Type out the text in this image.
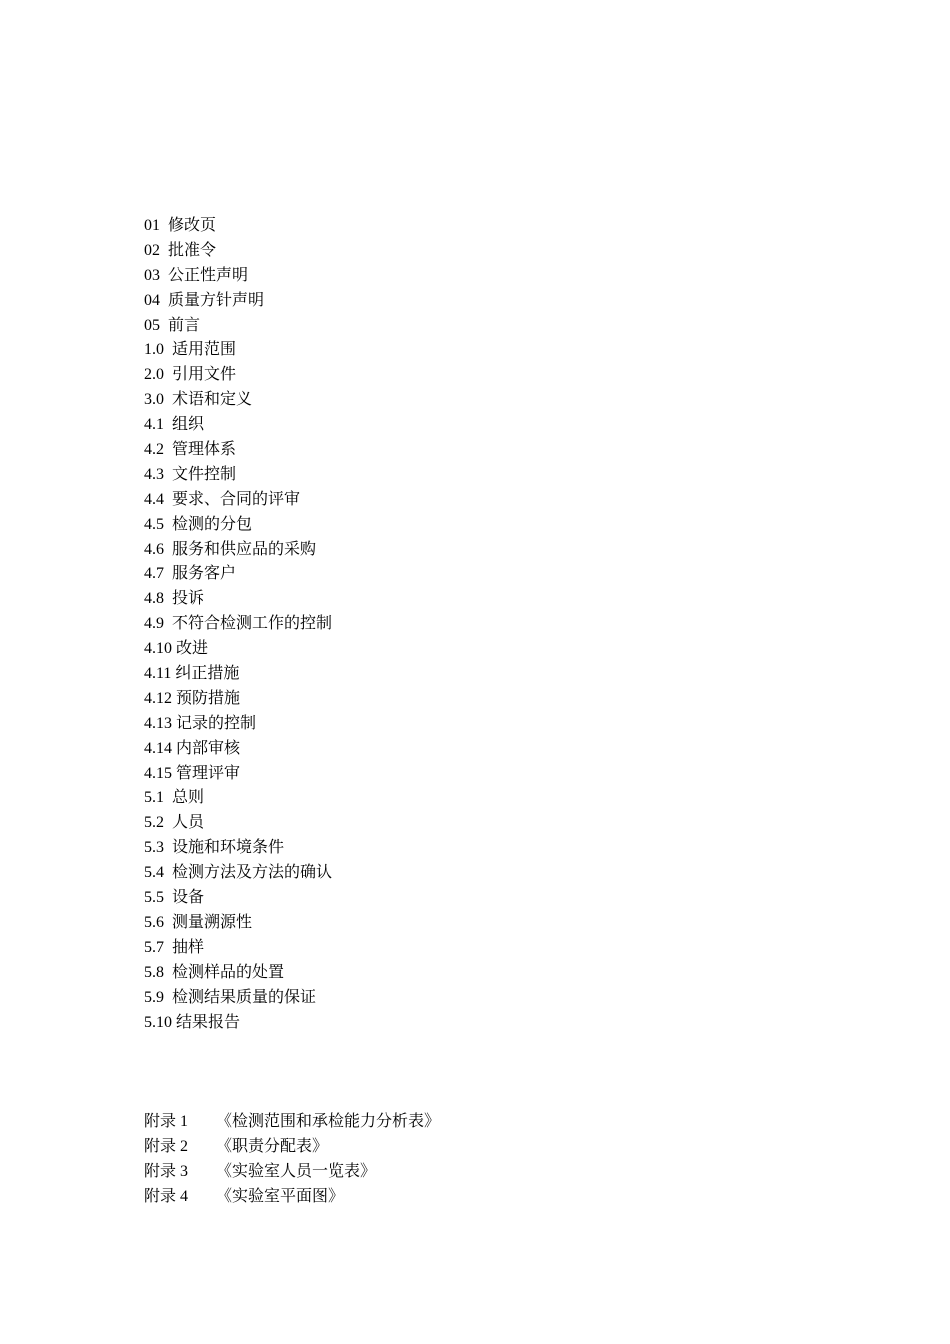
01  修改页
02  批准令
03  公正性声明
04  质量方针声明
05  前言
1.0  适用范围
2.0  引用文件
3.0  术语和定义
4.1  组织
4.2  管理体系
4.3  文件控制
4.4  要求、合同的评审
4.5  检测的分包
4.6  服务和供应品的采购
4.7  服务客户
4.8  投诉
4.9  不符合检测工作的控制
4.10 改进
4.11 纠正措施
4.12 预防措施
4.13 记录的控制
4.14 内部审核
4.15 管理评审
5.1  总则
5.2  人员
5.3  设施和环境条件
5.4  检测方法及方法的确认
5.5  设备
5.6  测量溯源性
5.7  抽样
5.8  检测样品的处置
5.9  检测结果质量的保证
5.10 结果报告
附录 1 《检测范围和承检能力分析表》
附录 2 《职责分配表》
附录 3 《实验室人员一览表》
附录 4 《实验室平面图》
